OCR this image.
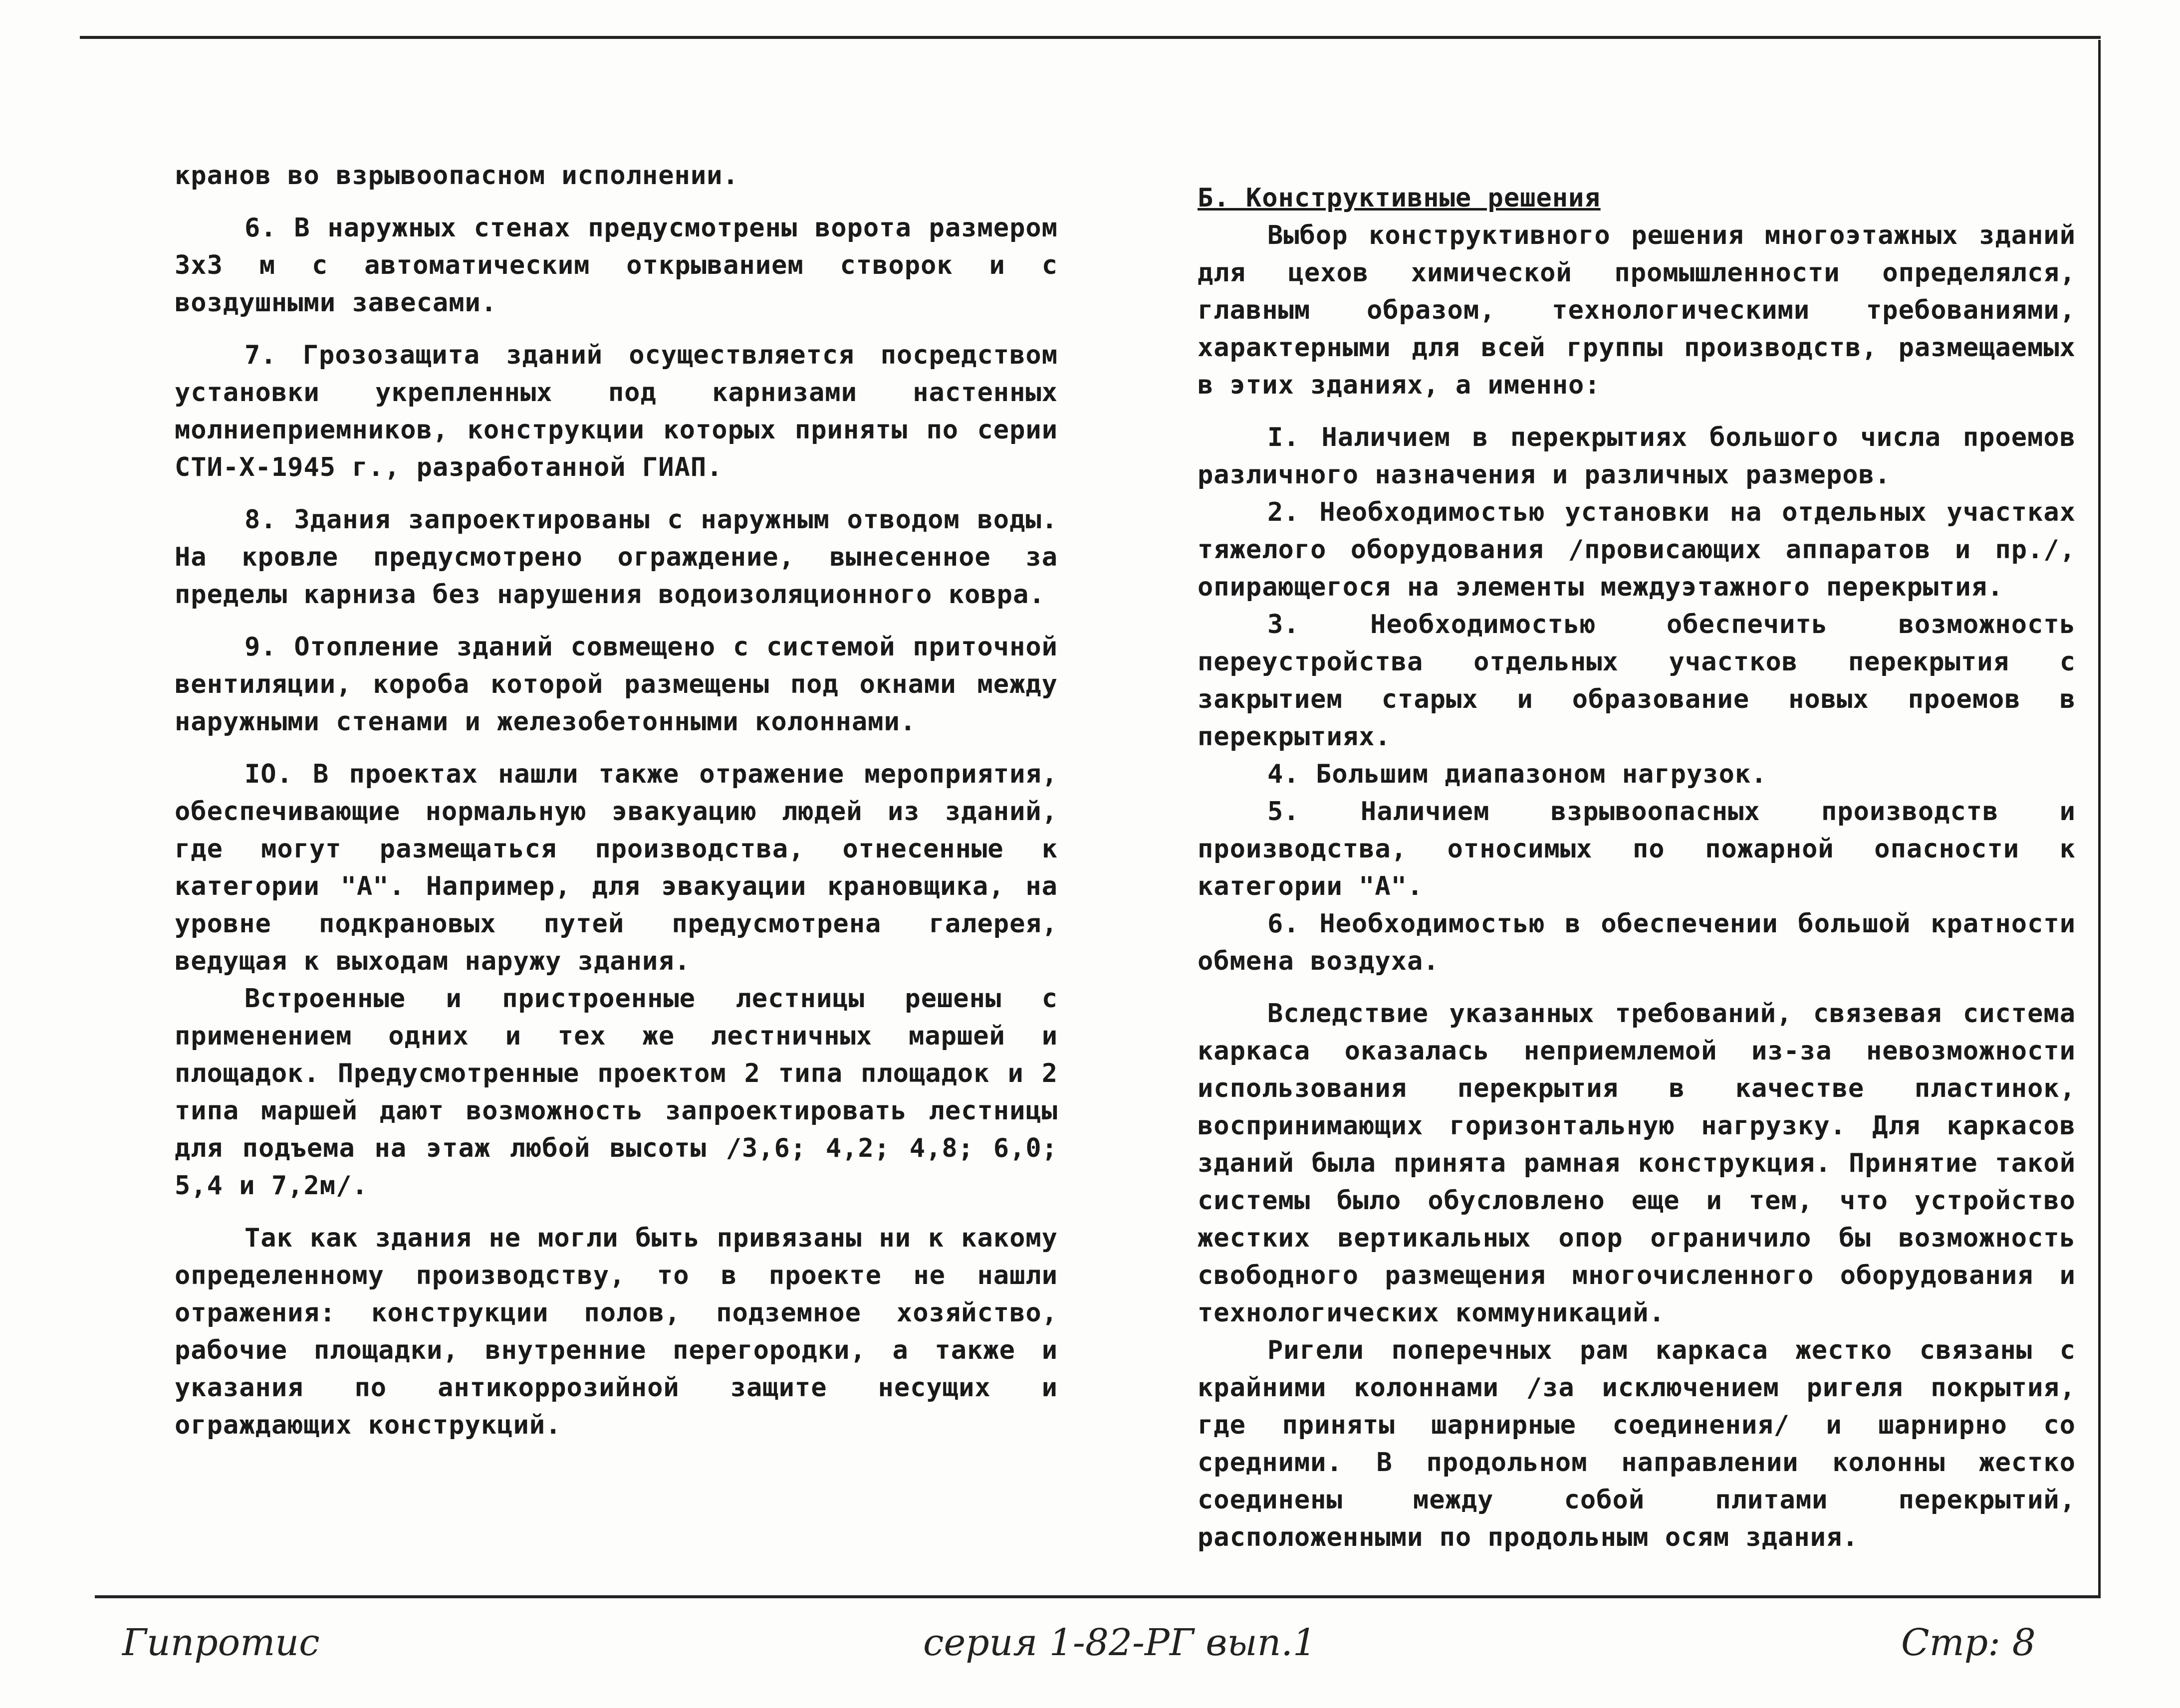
кранов во взрывоопасном исполнении.

6. В наружных стенах предусмотрены ворота размером 3х3 м с автоматическим открыванием створок и с воздушными завесами.

7. Грозозащита зданий осуществляется посредством установки укрепленных под карнизами настенных молниеприемников, конструкции которых приняты по серии СТИ-Х-1945 г., разработанной ГИАП.

8. Здания запроектированы с наружным отводом воды. На кровле предусмотрено ограждение, вынесенное за пределы карниза без нарушения водоизоляционного ковра.

9. Отопление зданий совмещено с системой приточной вентиляции, короба которой размещены под окнами между наружными стенами и железобетонными колоннами.

IO. В проектах нашли также отражение мероприятия, обеспечивающие нормальную эвакуацию людей из зданий, где могут размещаться производства, отнесенные к категории "А". Например, для эвакуации крановщика, на уровне подкрановых путей предусмотрена галерея, ведущая к выходам наружу здания.

Встроенные и пристроенные лестницы решены с применением одних и тех же лестничных маршей и площадок. Предусмотренные проектом 2 типа площадок и 2 типа маршей дают возможность запроектировать лестницы для подъема на этаж любой высоты /3,6; 4,2; 4,8; 6,0; 5,4 и 7,2м/.

Так как здания не могли быть привязаны ни к какому определенному производству, то в проекте не нашли отражения: конструкции полов, подземное хозяйство, рабочие площадки, внутренние перегородки, а также и указания по антикоррозийной защите несущих и ограждающих конструкций.

Б. Конструктивные решения

Выбор конструктивного решения многоэтажных зданий для цехов химической промышленности определялся, главным образом, технологическими требованиями, характерными для всей группы производств, размещаемых в этих зданиях, а именно:

I. Наличием в перекрытиях большого числа проемов различного назначения и различных размеров.

2. Необходимостью установки на отдельных участках тяжелого оборудования /провисающих аппаратов и пр./, опирающегося на элементы междуэтажного перекрытия.

3. Необходимостью обеспечить возможность переустройства отдельных участков перекрытия с закрытием старых и образование новых проемов в перекрытиях.

4. Большим диапазоном нагрузок.

5. Наличием взрывоопасных производств и производства, относимых по пожарной опасности к категории "А".

6. Необходимостью в обеспечении большой кратности обмена воздуха.

Вследствие указанных требований, связевая система каркаса оказалась неприемлемой из-за невозможности использования перекрытия в качестве пластинок, воспринимающих горизонтальную нагрузку. Для каркасов зданий была принята рамная конструкция. Принятие такой системы было обусловлено еще и тем, что устройство жестких вертикальных опор ограничило бы возможность свободного размещения многочисленного оборудования и технологических коммуникаций.

Ригели поперечных рам каркаса жестко связаны с крайними колоннами /за исключением ригеля покрытия, где приняты шарнирные соединения/ и шарнирно со средними. В продольном направлении колонны жестко соединены между собой плитами перекрытий, расположенными по продольным осям здания.

Гипротис	серия 1-82-РГ вып.1	Стр: 8
